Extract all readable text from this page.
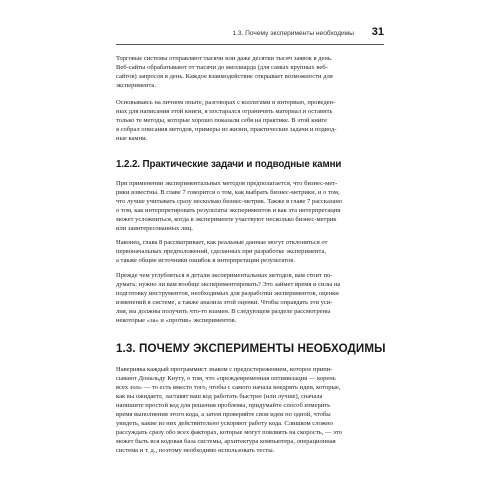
1.3. Почему эксперименты необходимы 31

Торговые системы отправляют тысячи или даже десятки тысяч заявок в день.
Веб-сайты обрабатывают от тысячи до миллиарда (для самых крупных веб-
сайтов) запросов в день. Каждое взаимодействие открывает возможности для
эксперимента.

Основываясь на личном опыте, разговорах с коллегами и интервью, проведен-
ных для написания этой книги, я постарался ограничить материал и оставить
только те методы, которые хорошо показали себя на практике. В этой книге
я собрал описания методов, примеры из жизни, практические задачи и подвод-
ные камни.

1.2.2. Практические задачи и подводные камни

При применении экспериментальных методов предполагается, что бизнес-мет-
рики известны. В главе 7 говорится о том, как выбрать бизнес-метрики, и о том,
что лучше учитывать сразу несколько бизнес-метрик. Также в главе 7 рассказано
о том, как интерпретировать результаты экспериментов и как эта интерпретация
может усложниться, когда в эксперименте участвуют несколько бизнес-метрик
или заинтересованных лиц.

Наконец, глава 8 рассматривает, как реальные данные могут отклоняться от
первоначальных предположений, сделанных при разработке эксперимента,
а также общие источники ошибок в интерпретации результатов.

Прежде чем углубляться в детали экспериментальных методов, вам стоит по-
думать: нужно ли вам вообще экспериментировать? Это займет время и силы на
подготовку инструментов, необходимых для разработки экспериментов, оценки
изменений в системе, а также анализа этой оценки. Чтобы оправдать эти уси-
лия, вы должны получить что-то взамен. В следующем разделе рассмотрены
некоторые «за» и «против» экспериментов.

1.3. ПОЧЕМУ ЭКСПЕРИМЕНТЫ НЕОБХОДИМЫ

Наверняка каждый программист знаком с предостережением, которое припи-
сывают Дональду Кнуту, о том, что «преждевременная оптимизация — корень
всех зол» — то есть вместо того, чтобы с самого начала внедрять идеи, которые,
как вы ожидаете, заставят ваш код работать быстрее (или лучше), сначала
напишите простой код для решения проблемы, придумайте способ измерить
время выполнения этого кода, а затем проверяйте свои идеи по одной, чтобы
увидеть, какие из них действительно ускоряют работу кода. Слишком сложно
рассуждать сразу обо всех факторах, которые могут повлиять на скорость, — это
может быть вся кодовая база системы, архитектура компьютера, операционная
система и т. д., поэтому необходимо использовать тесты.
